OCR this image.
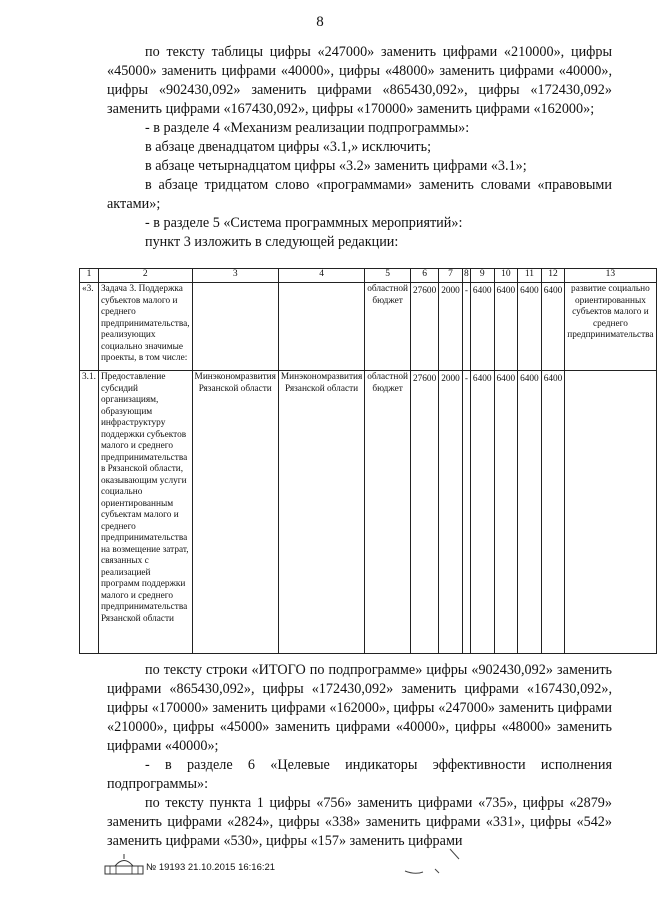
8

по тексту таблицы цифры «247000» заменить цифрами «210000», цифры «45000» заменить цифрами «40000», цифры «48000» заменить цифрами «40000», цифры «902430,092» заменить цифрами «865430,092», цифры «172430,092» заменить цифрами «167430,092», цифры «170000» заменить цифрами «162000»;

- в разделе 4 «Механизм реализации подпрограммы»:

в абзаце двенадцатом цифры «3.1,» исключить;

в абзаце четырнадцатом цифры «3.2» заменить цифрами «3.1»;

в абзаце тридцатом слово «программами» заменить словами «правовыми актами»;

- в разделе 5 «Система программных мероприятий»:

пункт 3 изложить в следующей редакции:

1	2	3	4	5	6	7	8	9	10	11	12	13
«3.	Задача 3. Поддержка субъектов малого и среднего предпринимательства, реализующих социально значимые проекты, в том числе:			областной бюджет	27600	2000	-	6400	6400	6400	6400	развитие социально ориентированных субъектов малого и среднего предпринимательства
3.1.	Предоставление субсидий организациям, образующим инфраструктуру поддержки субъектов малого и среднего предпринимательства в Рязанской области, оказывающим услуги социально ориентированным субъектам малого и среднего предпринимательства на возмещение затрат, связанных с реализацией программ поддержки малого и среднего предпринимательства Рязанской области	Минэкономразвития Рязанской области	Минэкономразвития Рязанской области	областной бюджет	27600	2000	-	6400	6400	6400	6400	

по тексту строки «ИТОГО по подпрограмме» цифры «902430,092» заменить цифрами «865430,092», цифры «172430,092» заменить цифрами «167430,092», цифры «170000» заменить цифрами «162000», цифры «247000» заменить цифрами «210000», цифры «45000» заменить цифрами «40000», цифры «48000» заменить цифрами «40000»;

- в разделе 6 «Целевые индикаторы эффективности исполнения подпрограммы»:

по тексту пункта 1 цифры «756» заменить цифрами «735», цифры «2879» заменить цифрами «2824», цифры «338» заменить цифрами «331», цифры «542» заменить цифрами «530», цифры «157» заменить цифрами

№ 19193 21.10.2015 16:16:21
